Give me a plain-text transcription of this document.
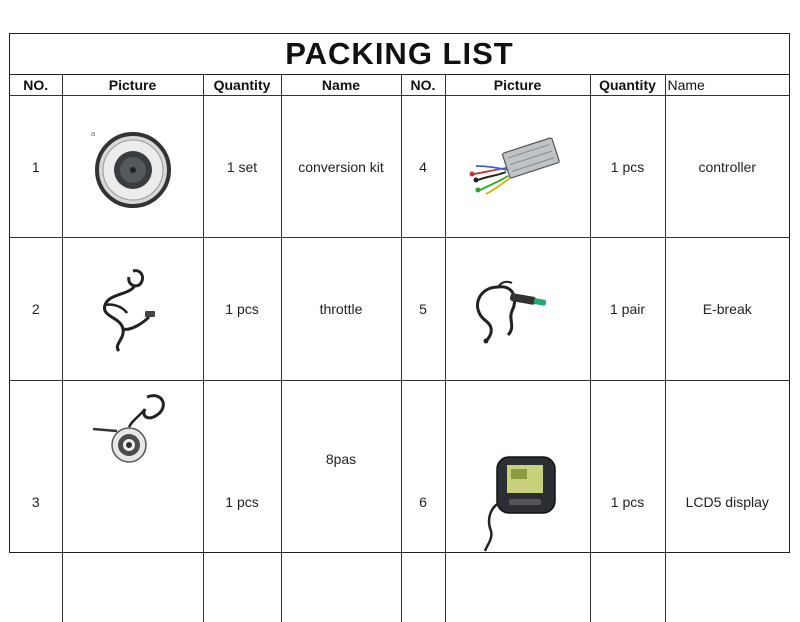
PACKING LIST
NO.	Picture	Quantity	Name	NO.	Picture	Quantity	Name
1	a	1 set	conversion kit	4		1 pcs	controller
2		1 pcs	throttle	5		1 pair	E-break
3		1 pcs	8pas	6		1 pcs	LCD5 display
